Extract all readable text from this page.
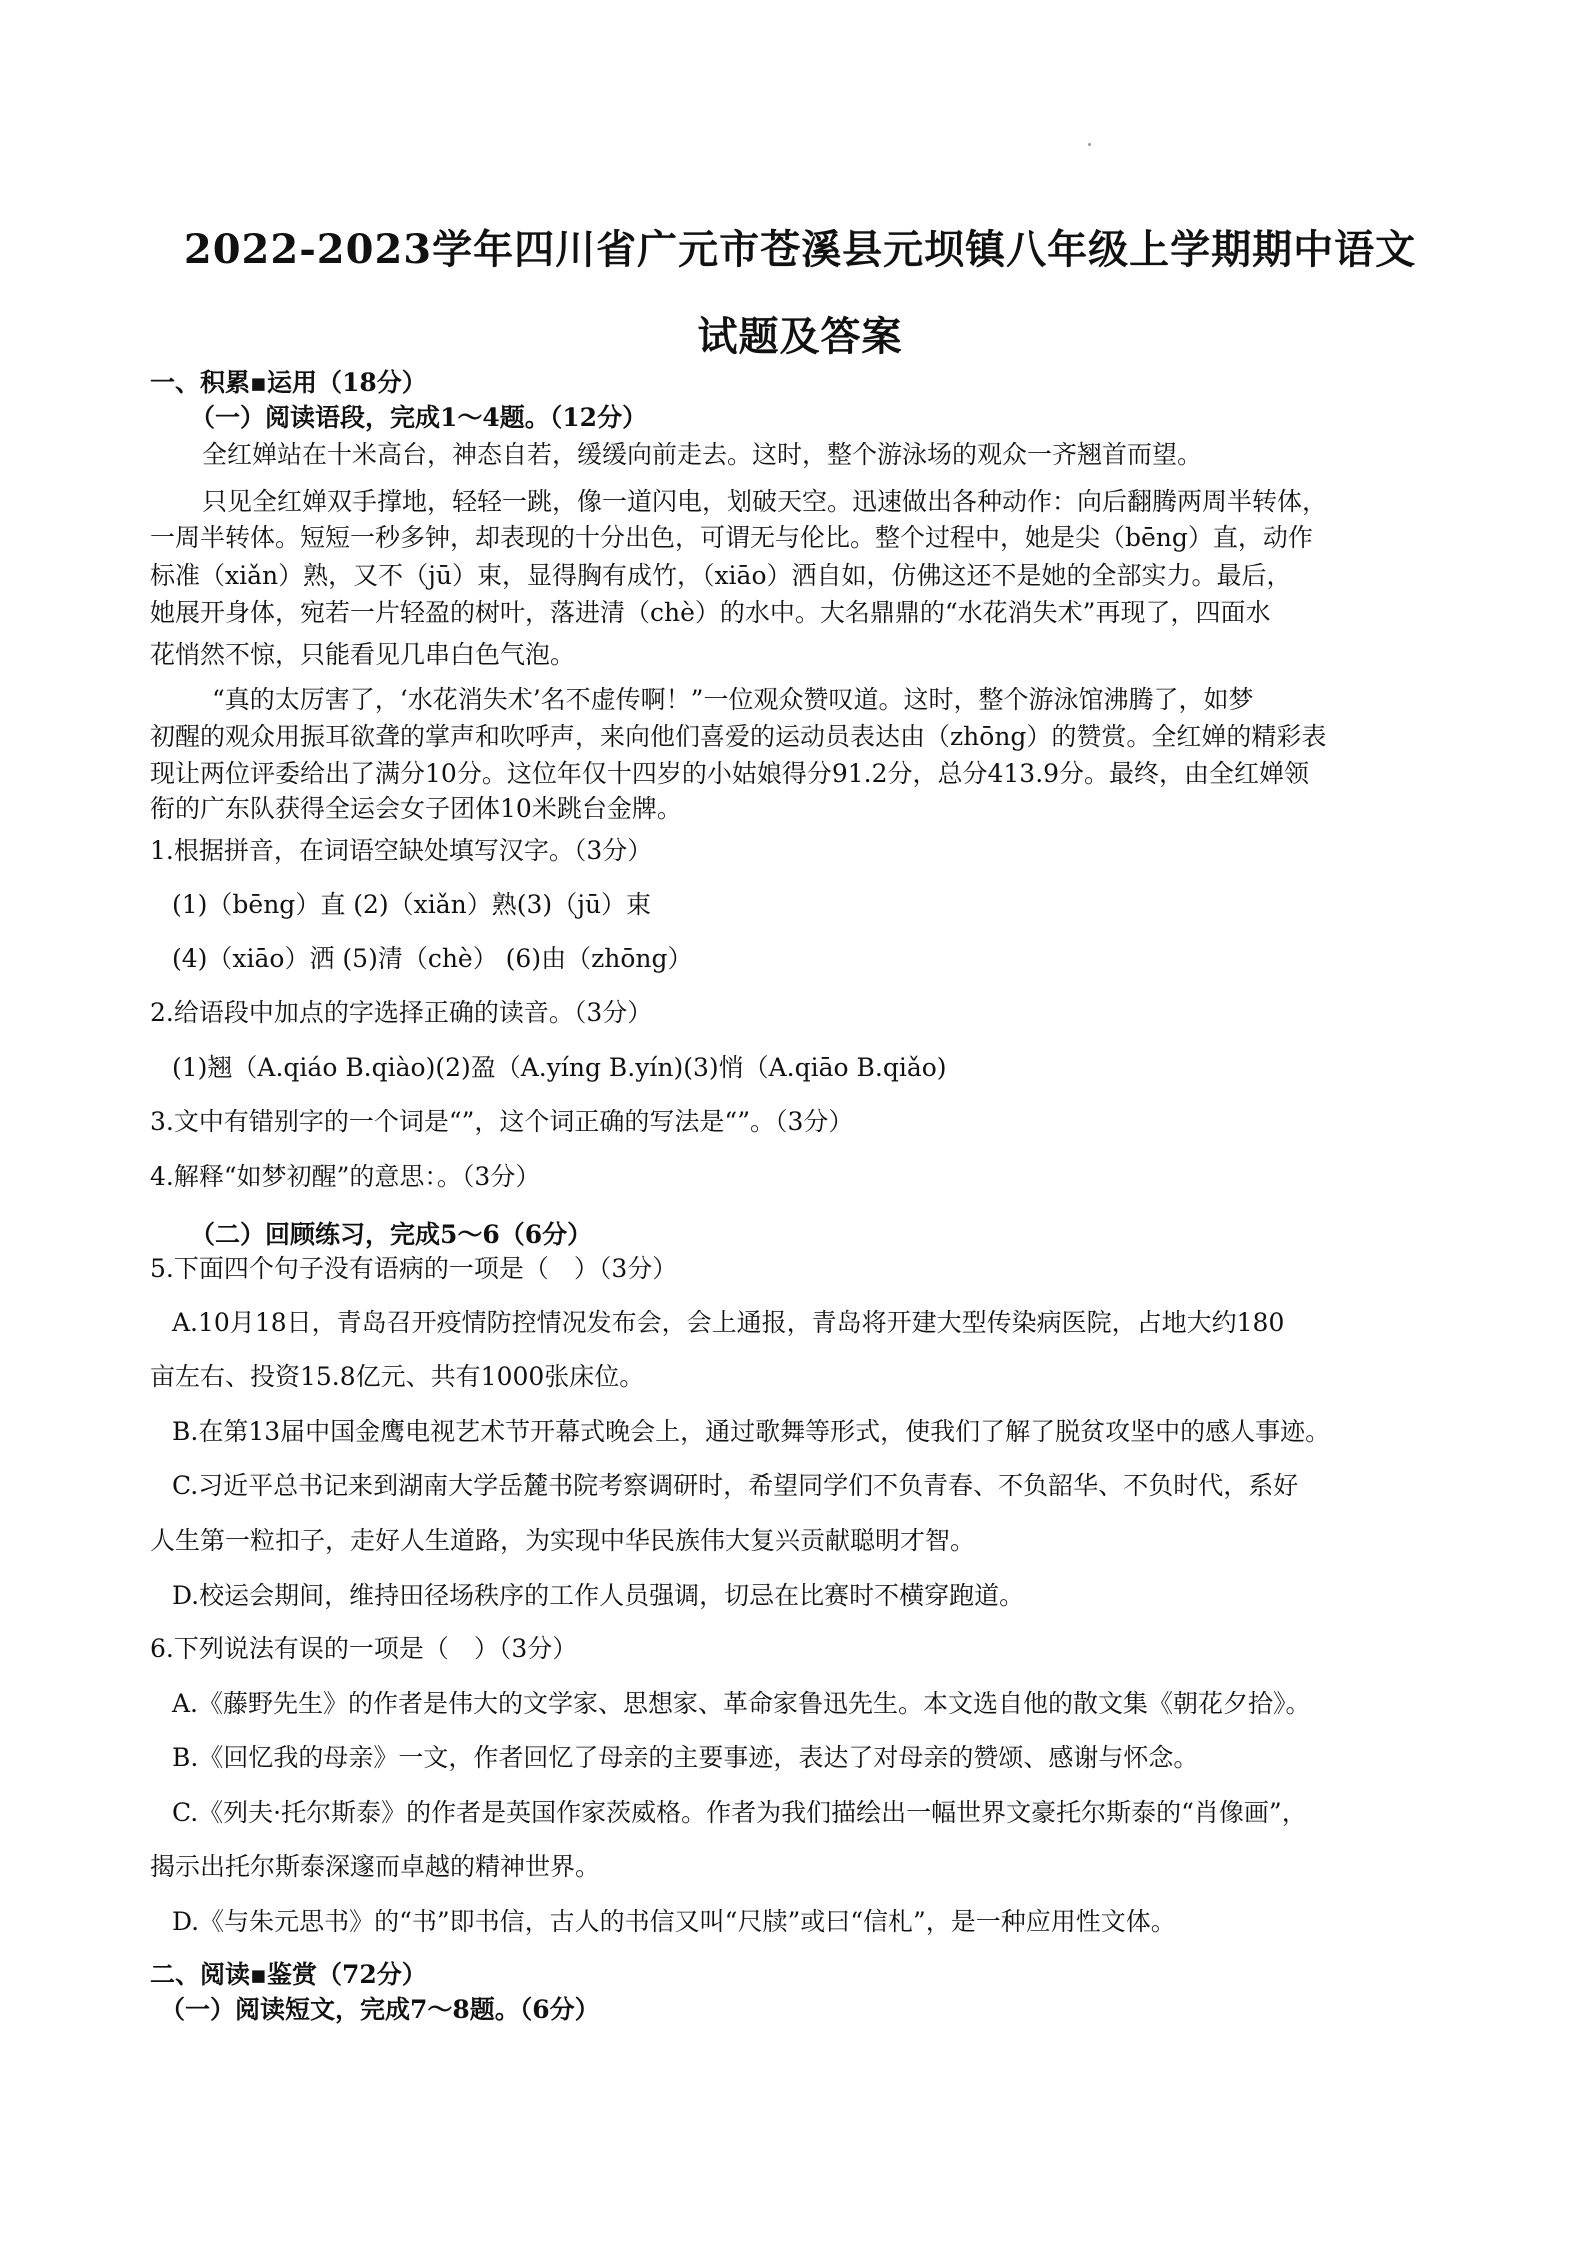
2022-2023学年四川省广元市苍溪县元坝镇八年级上学期期中语文
试题及答案
一、积累▪运用（18分）
（一）阅读语段，完成1～4题。（12分）
全红婵站在十米高台，神态自若，缓缓向前走去。这时，整个游泳场的观众一齐翘首而望。
只见全红婵双手撑地，轻轻一跳，像一道闪电，划破天空。迅速做出各种动作：向后翻腾两周半转体，
一周半转体。短短一秒多钟，却表现的十分出色，可谓无与伦比。整个过程中，她是尖（bēng）直，动作
标准（xiǎn）熟，又不（jū）束，显得胸有成竹，（xiāo）洒自如，仿佛这还不是她的全部实力。最后，
她展开身体，宛若一片轻盈的树叶，落进清（chè）的水中。大名鼎鼎的“水花消失术”再现了，四面水
花悄然不惊，只能看见几串白色气泡。
“真的太厉害了，‘水花消失术’名不虚传啊！”一位观众赞叹道。这时，整个游泳馆沸腾了，如梦
初醒的观众用振耳欲聋的掌声和吹呼声，来向他们喜爱的运动员表达由（zhōng）的赞赏。全红婵的精彩表
现让两位评委给出了满分10分。这位年仅十四岁的小姑娘得分91.2分，总分413.9分。最终，由全红婵领
衔的广东队获得全运会女子团体10米跳台金牌。
1.根据拼音，在词语空缺处填写汉字。（3分）
(1)（bēng）直 (2)（xiǎn）熟(3)（jū）束
(4)（xiāo）洒 (5)清（chè） (6)由（zhōng）
2.给语段中加点的字选择正确的读音。（3分）
(1)翘（A.qiáo B.qiào)(2)盈（A.yíng B.yín)(3)悄（A.qiāo B.qiǎo)
3.文中有错别字的一个词是“”，这个词正确的写法是“”。（3分）
4.解释“如梦初醒”的意思：。（3分）
（二）回顾练习，完成5～6（6分）
5.下面四个句子没有语病的一项是（　）（3分）
A.10月18日，青岛召开疫情防控情况发布会，会上通报，青岛将开建大型传染病医院，占地大约180
亩左右、投资15.8亿元、共有1000张床位。
B.在第13届中国金鹰电视艺术节开幕式晚会上，通过歌舞等形式，使我们了解了脱贫攻坚中的感人事迹。
C.习近平总书记来到湖南大学岳麓书院考察调研时，希望同学们不负青春、不负韶华、不负时代，系好
人生第一粒扣子，走好人生道路，为实现中华民族伟大复兴贡献聪明才智。
D.校运会期间，维持田径场秩序的工作人员强调，切忌在比赛时不横穿跑道。
6.下列说法有误的一项是（　）（3分）
A.《藤野先生》的作者是伟大的文学家、思想家、革命家鲁迅先生。本文选自他的散文集《朝花夕拾》。
B.《回忆我的母亲》一文，作者回忆了母亲的主要事迹，表达了对母亲的赞颂、感谢与怀念。
C.《列夫·托尔斯泰》的作者是英国作家茨威格。作者为我们描绘出一幅世界文豪托尔斯泰的“肖像画”，
揭示出托尔斯泰深邃而卓越的精神世界。
D.《与朱元思书》的“书”即书信，古人的书信又叫“尺牍”或曰“信札”，是一种应用性文体。
二、阅读▪鉴赏（72分）
（一）阅读短文，完成7～8题。（6分）
